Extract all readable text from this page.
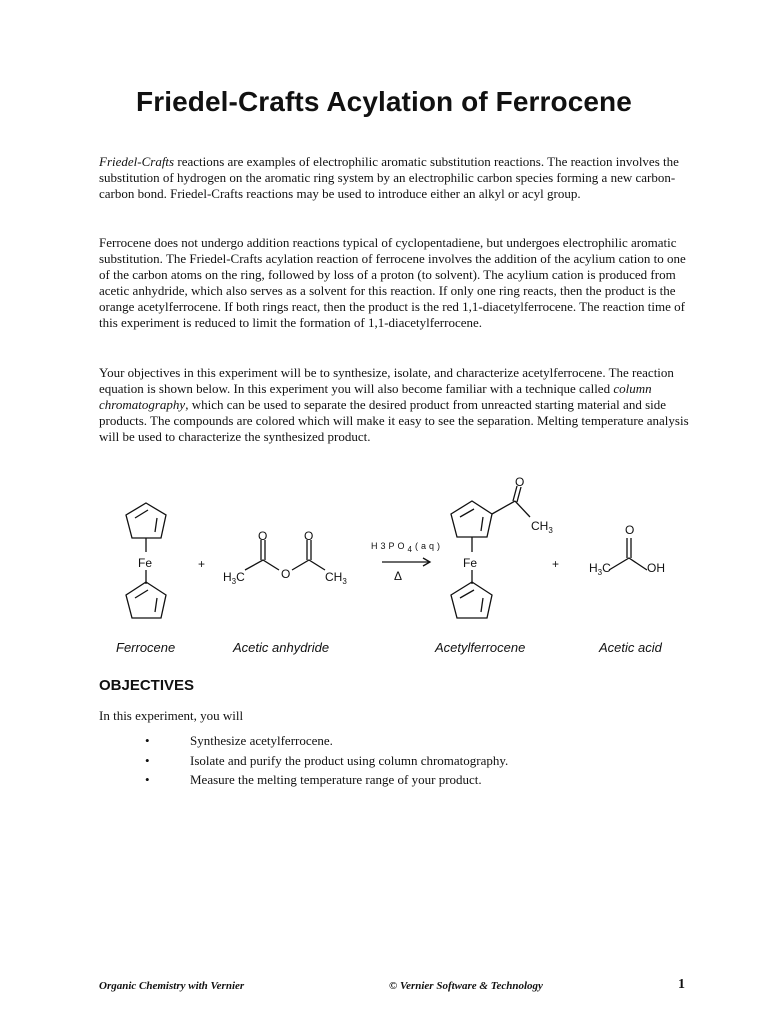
Friedel-Crafts Acylation of Ferrocene

Friedel-Crafts reactions are examples of electrophilic aromatic substitution reactions. The reaction involves the substitution of hydrogen on the aromatic ring system by an electrophilic carbon species forming a new carbon-carbon bond. Friedel-Crafts reactions may be used to introduce either an alkyl or acyl group.

Ferrocene does not undergo addition reactions typical of cyclopentadiene, but undergoes electrophilic aromatic substitution. The Friedel-Crafts acylation reaction of ferrocene involves the addition of the acylium cation to one of the carbon atoms on the ring, followed by loss of a proton (to solvent). The acylium cation is produced from acetic anhydride, which also serves as a solvent for this reaction. If only one ring reacts, then the product is the orange acetylferrocene. If both rings react, then the product is the red 1,1-diacetylferrocene. The reaction time of this experiment is reduced to limit the formation of 1,1-diacetylferrocene.

Your objectives in this experiment will be to synthesize, isolate, and characterize acetylferrocene. The reaction equation is shown below. In this experiment you will also become familiar with a technique called column chromatography, which can be used to separate the desired product from unreacted starting material and side products. The compounds are colored which will make it easy to see the separation. Melting temperature analysis will be used to characterize the synthesized product.

Fe	+
O	O
O
$H_3C$	$CH_3$
H3PO4(aq)
Δ
Fe
O
$CH_3$
+
O
$H_3C$	OH
Ferrocene	Acetic anhydride	Acetylferrocene	Acetic acid
OBJECTIVES

In this experiment, you will

•	Synthesize acetylferrocene.
•	Isolate and purify the product using column chromatography.
•	Measure the melting temperature range of your product.
Organic Chemistry with Vernier	© Vernier Software & Technology	1
